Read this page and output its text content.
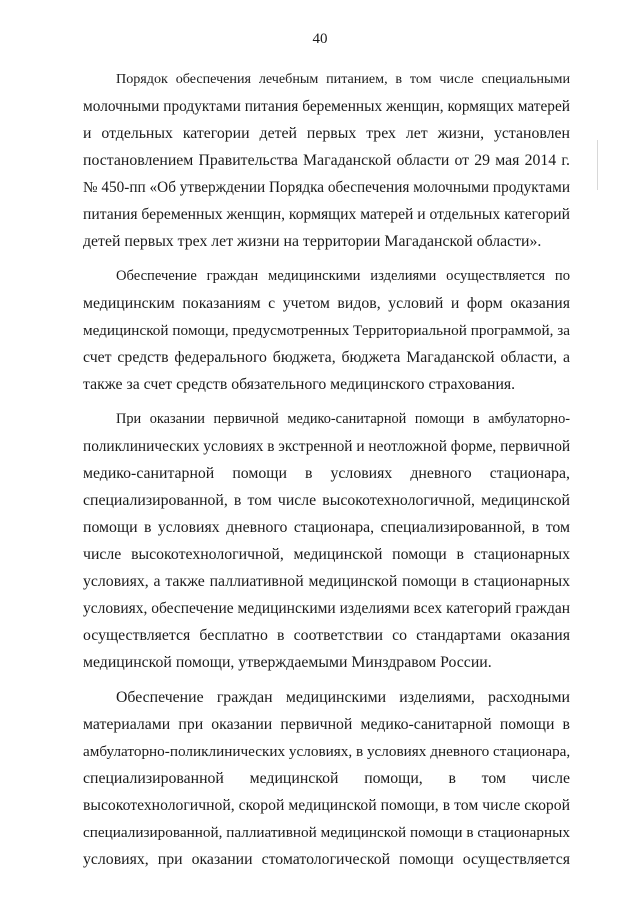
40

Порядок обеспечения лечебным питанием, в том числе специальными
молочными продуктами питания беременных женщин, кормящих матерей
и отдельных категории детей первых трех лет жизни, установлен
постановлением Правительства Магаданской области от 29 мая 2014 г.
№ 450-пп «Об утверждении Порядка обеспечения молочными продуктами
питания беременных женщин, кормящих матерей и отдельных категорий
детей первых трех лет жизни на территории Магаданской области».

Обеспечение граждан медицинскими изделиями осуществляется по
медицинским показаниям с учетом видов, условий и форм оказания
медицинской помощи, предусмотренных Территориальной программой, за
счет средств федерального бюджета, бюджета Магаданской области, а
также за счет средств обязательного медицинского страхования.

При оказании первичной медико-санитарной помощи в амбулаторно-
поликлинических условиях в экстренной и неотложной форме, первичной
медико-санитарной помощи в условиях дневного стационара,
специализированной, в том числе высокотехнологичной, медицинской
помощи в условиях дневного стационара, специализированной, в том
числе высокотехнологичной, медицинской помощи в стационарных
условиях, а также паллиативной медицинской помощи в стационарных
условиях, обеспечение медицинскими изделиями всех категорий граждан
осуществляется бесплатно в соответствии со стандартами оказания
медицинской помощи, утверждаемыми Минздравом России.

Обеспечение граждан медицинскими изделиями, расходными
материалами при оказании первичной медико-санитарной помощи в
амбулаторно-поликлинических условиях, в условиях дневного стационара,
специализированной медицинской помощи, в том числе
высокотехнологичной, скорой медицинской помощи, в том числе скорой
специализированной, паллиативной медицинской помощи в стационарных
условиях, при оказании стоматологической помощи осуществляется
